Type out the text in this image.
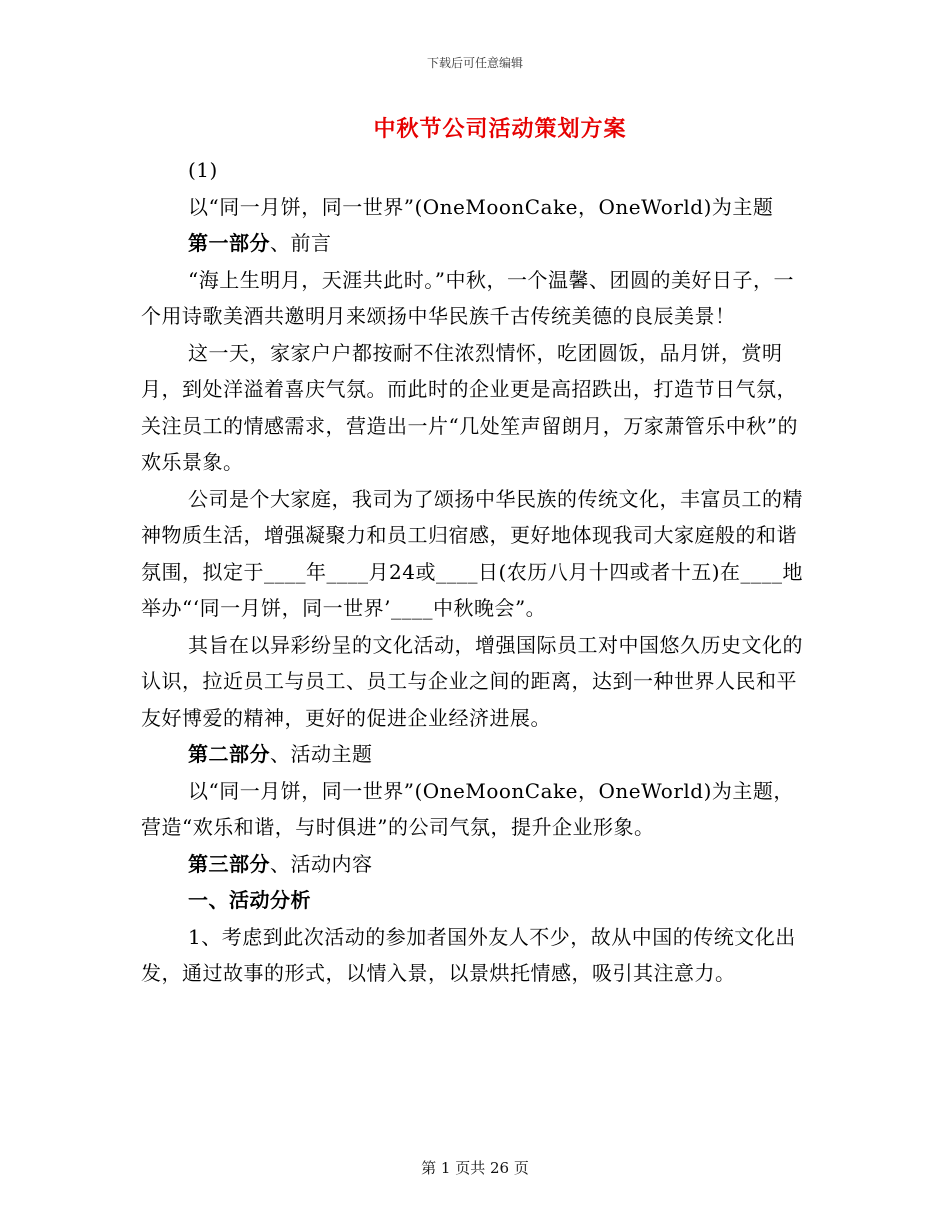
下载后可任意编辑
中秋节公司活动策划方案

(1)

以“同一月饼，同一世界”(OneMoonCake，OneWorld)为主题

第一部分、前言

“海上生明月，天涯共此时。”中秋，一个温馨、团圆的美好日子，一个用诗歌美酒共邀明月来颂扬中华民族千古传统美德的良辰美景！

这一天，家家户户都按耐不住浓烈情怀，吃团圆饭，品月饼，赏明月，到处洋溢着喜庆气氛。而此时的企业更是高招跌出，打造节日气氛，关注员工的情感需求，营造出一片“几处笙声留朗月，万家萧管乐中秋”的欢乐景象。

公司是个大家庭，我司为了颂扬中华民族的传统文化，丰富员工的精神物质生活，增强凝聚力和员工归宿感，更好地体现我司大家庭般的和谐氛围，拟定于____年____月24或____日(农历八月十四或者十五)在____地举办“‘同一月饼，同一世界’____中秋晚会”。

其旨在以异彩纷呈的文化活动，增强国际员工对中国悠久历史文化的认识，拉近员工与员工、员工与企业之间的距离，达到一种世界人民和平友好博爱的精神，更好的促进企业经济进展。

第二部分、活动主题

以“同一月饼，同一世界”(OneMoonCake，OneWorld)为主题，营造“欢乐和谐，与时俱进”的公司气氛，提升企业形象。

第三部分、活动内容

一、活动分析

1、考虑到此次活动的参加者国外友人不少，故从中国的传统文化出发，通过故事的形式，以情入景，以景烘托情感，吸引其注意力。

第 1 页共 26 页
